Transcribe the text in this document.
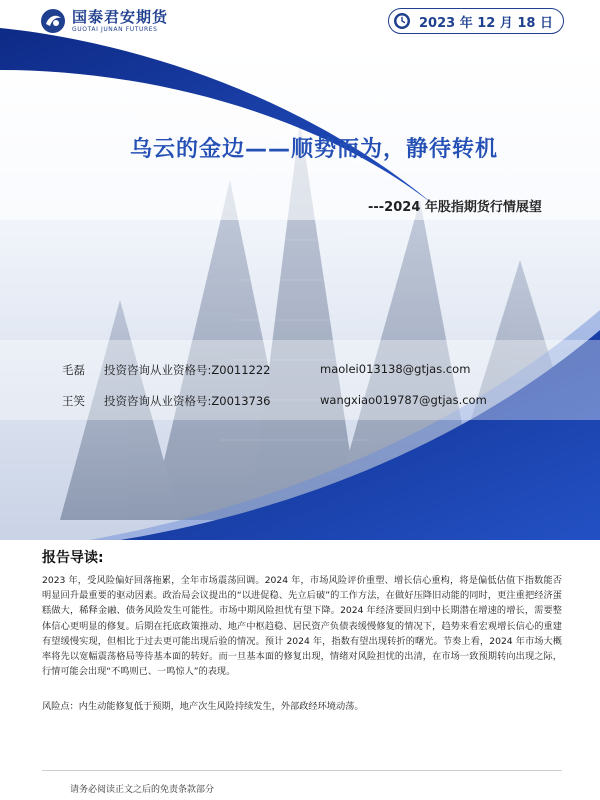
国泰君安期货
GUOTAI JUNAN FUTURES	2023 年 12 月 18 日
乌云的金边——顺势而为，静待转机
---2024 年股指期货行情展望
毛磊 投资咨询从业资格号:Z0011222	maolei013138@gtjas.com
王笑 投资咨询从业资格号:Z0013736	wangxiao019787@gtjas.com
报告导读:
2023 年，受风险偏好回落拖累，全年市场震荡回调。2024 年，市场风险评价重塑、增长信心重构，将是偏低估值下指数能否明显回升最重要的驱动因素。政治局会议提出的“以进促稳、先立后破”的工作方法，在做好压降旧动能的同时，更注重把经济蛋糕做大，稀释金融、债务风险发生可能性。市场中期风险担忧有望下降。2024 年经济要回归到中长期潜在增速的增长，需要整体信心更明显的修复。后期在托底政策推动、地产中枢趋稳、居民资产负债表缓慢修复的情况下，趋势来看宏观增长信心的重建有望缓慢实现，但相比于过去更可能出现后验的情况。预计 2024 年，指数有望出现转折的曙光。节奏上看，2024 年市场大概率将先以宽幅震荡格局等待基本面的转好。而一旦基本面的修复出现，情绪对风险担忧的出清，在市场一致预期转向出现之际，行情可能会出现“不鸣则已、一鸣惊人”的表现。
风险点：内生动能修复低于预期，地产次生风险持续发生，外部政经环境动荡。
请务必阅读正文之后的免责条款部分
